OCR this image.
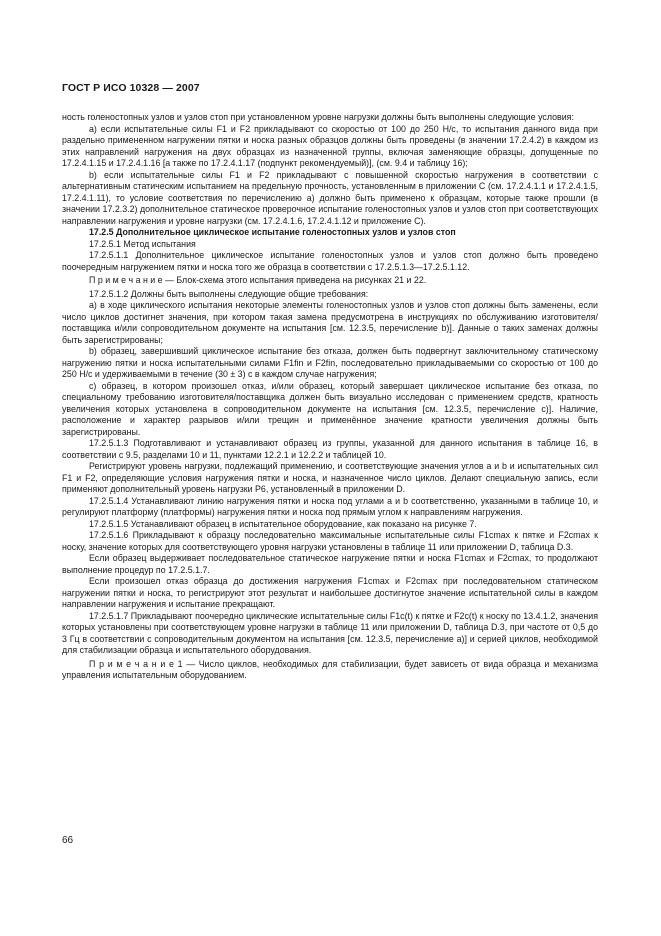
ГОСТ Р ИСО 10328 — 2007

ность голеностопных узлов и узлов стоп при установленном уровне нагрузки должны быть выполнены следующие условия:

а) если испытательные силы F1 и F2 прикладывают со скоростью от 100 до 250 Н/с, то испытания данного вида при раздельно примененном нагружении пятки и носка разных образцов должны быть проведены (в значении 17.2.4.2) в каждом из этих направлений нагружения на двух образцах из назначенной группы, включая заменяющие образцы, допущенные по 17.2.4.1.15 и 17.2.4.1.16 [а также по 17.2.4.1.17 (подпункт рекомендуемый)], (см. 9.4 и таблицу 16);

b) если испытательные силы F1 и F2 прикладывают с повышенной скоростью нагружения в соответствии с альтернативным статическим испытанием на предельную прочность, установленным в приложении C (см. 17.2.4.1.1 и 17.2.4.1.5, 17.2.4.1.11), то условие соответствия по перечислению а) должно быть применено к образцам, которые также прошли (в значении 17.2.3.2) дополнительное статическое проверочное испытание голеностопных узлов и узлов стоп при соответствующих направлении нагружения и уровне нагрузки (см. 17.2.4.1.6, 17.2.4.1.12 и приложение C).

17.2.5 Дополнительное циклическое испытание голеностопных узлов и узлов стоп

17.2.5.1 Метод испытания

17.2.5.1.1 Дополнительное циклическое испытание голеностопных узлов и узлов стоп должно быть проведено поочередным нагружением пятки и носка того же образца в соответствии с 17.2.5.1.3—17.2.5.1.12.

П р и м е ч а н и е — Блок-схема этого испытания приведена на рисунках 21 и 22.

17.2.5.1.2 Должны быть выполнены следующие общие требования:

а) в ходе циклического испытания некоторые элементы голеностопных узлов и узлов стоп должны быть заменены, если число циклов достигнет значения, при котором такая замена предусмотрена в инструкциях по обслуживанию изготовителя/поставщика и/или сопроводительном документе на испытания [см. 12.3.5, перечисление b)]. Данные о таких заменах должны быть зарегистрированы;

b) образец, завершивший циклическое испытание без отказа, должен быть подвергнут заключительному статическому нагружению пятки и носка испытательными силами F1fin и F2fin, последовательно прикладываемыми со скоростью от 100 до 250 Н/с и удерживаемыми в течение (30 ± 3) с в каждом случае нагружения;

c) образец, в котором произошел отказ, и/или образец, который завершает циклическое испытание без отказа, по специальному требованию изготовителя/поставщика должен быть визуально исследован с применением средств, кратность увеличения которых установлена в сопроводительном документе на испытания [см. 12.3.5, перечисление c)]. Наличие, расположение и характер разрывов и/или трещин и применённое значение кратности увеличения должны быть зарегистрированы.

17.2.5.1.3 Подготавливают и устанавливают образец из группы, указанной для данного испытания в таблице 16, в соответствии с 9.5, разделами 10 и 11, пунктами 12.2.1 и 12.2.2 и таблицей 10.

Регистрируют уровень нагрузки, подлежащий применению, и соответствующие значения углов a и b и испытательных сил F1 и F2, определяющие условия нагружения пятки и носка, и назначенное число циклов. Делают специальную запись, если применяют дополнительный уровень нагрузки P6, установленный в приложении D.

17.2.5.1.4 Устанавливают линию нагружения пятки и носка под углами a и b соответственно, указанными в таблице 10, и регулируют платформу (платформы) нагружения пятки и носка под прямым углом к направлениям нагружения.

17.2.5.1.5 Устанавливают образец в испытательное оборудование, как показано на рисунке 7.

17.2.5.1.6 Прикладывают к образцу последовательно максимальные испытательные силы F1cmax к пятке и F2cmax к носку, значение которых для соответствующего уровня нагрузки установлены в таблице 11 или приложении D, таблица D.3.

Если образец выдерживает последовательное статическое нагружение пятки и носка F1cmax и F2cmax, то продолжают выполнение процедур по 17.2.5.1.7.

Если произошел отказ образца до достижения нагружения F1cmax и F2cmax при последовательном статическом нагружении пятки и носка, то регистрируют этот результат и наибольшее достигнутое значение испытательной силы в каждом направлении нагружения и испытание прекращают.

17.2.5.1.7 Прикладывают поочередно циклические испытательные силы F1c(t) к пятке и F2c(t) к носку по 13.4.1.2, значения которых установлены при соответствующем уровне нагрузки в таблице 11 или приложении D, таблица D.3, при частоте от 0,5 до 3 Гц в соответствии с сопроводительным документом на испытания [см. 12.3.5, перечисление a)] и серией циклов, необходимой для стабилизации образца и испытательного оборудования.

П р и м е ч а н и е 1 — Число циклов, необходимых для стабилизации, будет зависеть от вида образца и механизма управления испытательным оборудованием.

66
